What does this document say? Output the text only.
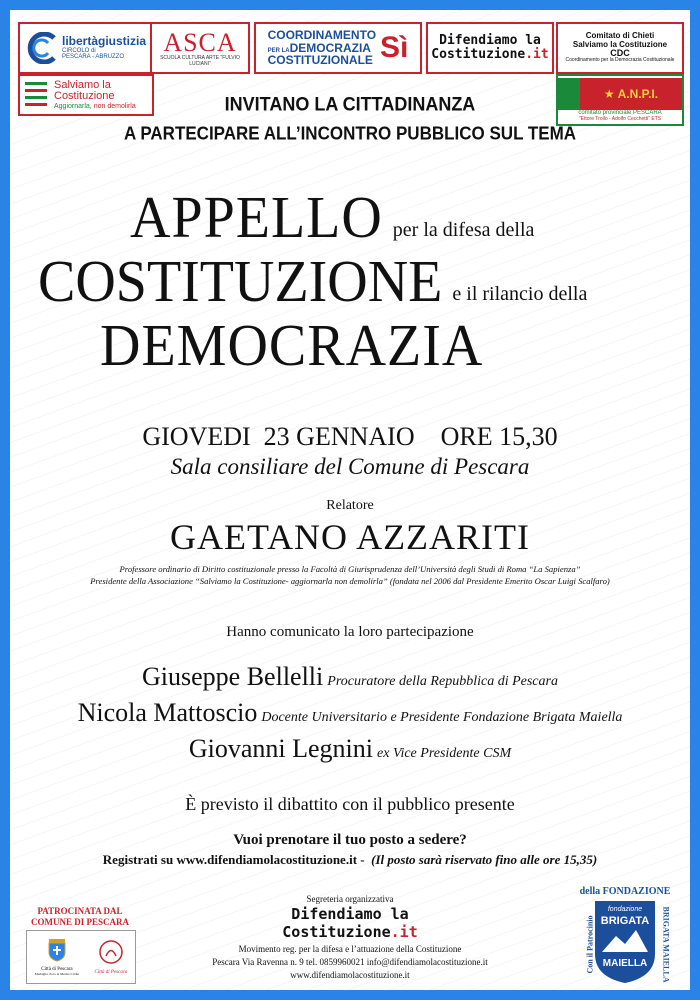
libertàgiustizia
CIRCOLO di
PESCARA - ABRUZZO
ASCA
SCUOLA CULTURA ARTE "FULVIO LUCIANI"
COORDINAMENTO
PER LADEMOCRAZIA
COSTITUZIONALE Sì Difendiamo la
Costituzione.it
Comitato di Chieti
Salviamo la Costituzione
CDC
Coordinamento per la Democrazia Costituzionale
Salviamo la
Costituzione
Aggiornarla, non demolirla
★ A.N.P.I.
comitato provinciale PESCARA
"Ettore Troilo - Adolfo Cecchetti" ETS
INVITANO LA CITTADINANZA
A PARTECIPARE ALL’INCONTRO PUBBLICO SUL TEMA
APPELLO per la difesa della
COSTITUZIONE e il rilancio della
DEMOCRAZIA
GIOVEDI  23 GENNAIO    ORE 15,30
Sala consiliare del Comune di Pescara
Relatore
GAETANO AZZARITI
Professore ordinario di Diritto costituzionale presso la Facoltà di Giurisprudenza dell’Università degli Studi di Roma “La Sapienza”
Presidente della Associazione “Salviamo la Costituzione- aggiornarla non demolirla” (fondata nel 2006 dal Presidente Emerito Oscar Luigi Scalfaro)
Hanno comunicato la loro partecipazione
Giuseppe Bellelli Procuratore della Repubblica di Pescara
Nicola Mattoscio Docente Universitario e Presidente Fondazione Brigata Maiella
Giovanni Legnini ex Vice Presidente CSM
È previsto il dibattito con il pubblico presente
Vuoi prenotare il tuo posto a sedere?
Registrati su www.difendiamolacostituzione.it -  (Il posto sarà riservato fino alle ore 15,35)
PATROCINATA DAL
COMUNE DI PESCARA
Città di Pescara
Medaglia d'oro al Merito Civile	Città di Pescara
Segreteria organizzativa
Difendiamo la
Costituzione.it
Movimento reg. per la difesa e l’attuazione della Costituzione
Pescara Via Ravenna n. 9 tel. 0859960021 info@difendiamolacostituzione.it
www.difendiamolacostituzione.it
della FONDAZIONE
Con il Patrocinio	BRIGATA MAIELLA
fondazione
BRIGATA
MAIELLA
